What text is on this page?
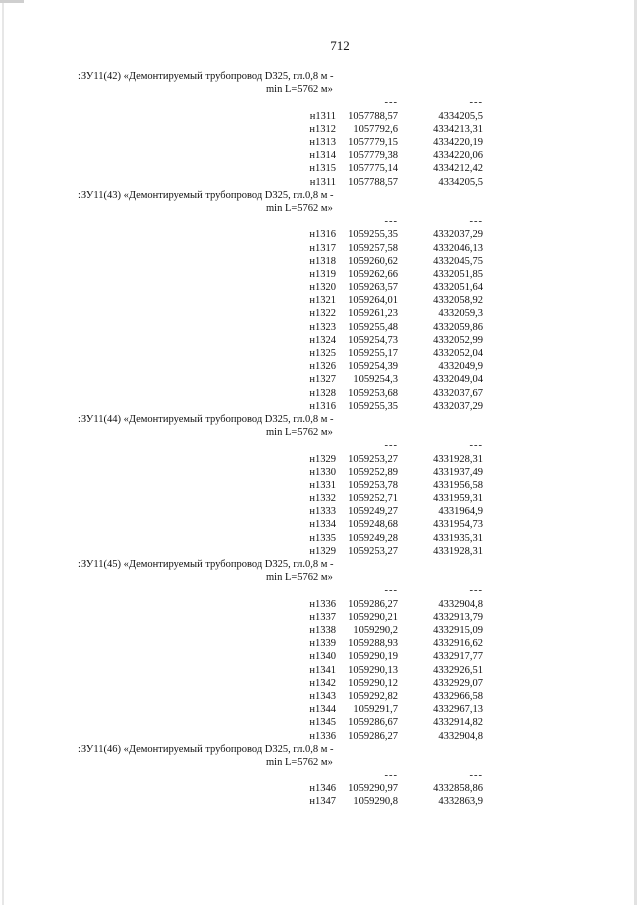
712
:ЗУ11(42) «Демонтируемый трубопровод D325, гл.0,8 м -
min L=5762 м»
---	---
н1311	1057788,57	4334205,5
н1312	1057792,6	4334213,31
н1313	1057779,15	4334220,19
н1314	1057779,38	4334220,06
н1315	1057775,14	4334212,42
н1311	1057788,57	4334205,5
:ЗУ11(43) «Демонтируемый трубопровод D325, гл.0,8 м -
min L=5762 м»
---	---
н1316	1059255,35	4332037,29
н1317	1059257,58	4332046,13
н1318	1059260,62	4332045,75
н1319	1059262,66	4332051,85
н1320	1059263,57	4332051,64
н1321	1059264,01	4332058,92
н1322	1059261,23	4332059,3
н1323	1059255,48	4332059,86
н1324	1059254,73	4332052,99
н1325	1059255,17	4332052,04
н1326	1059254,39	4332049,9
н1327	1059254,3	4332049,04
н1328	1059253,68	4332037,67
н1316	1059255,35	4332037,29
:ЗУ11(44) «Демонтируемый трубопровод D325, гл.0,8 м -
min L=5762 м»
---	---
н1329	1059253,27	4331928,31
н1330	1059252,89	4331937,49
н1331	1059253,78	4331956,58
н1332	1059252,71	4331959,31
н1333	1059249,27	4331964,9
н1334	1059248,68	4331954,73
н1335	1059249,28	4331935,31
н1329	1059253,27	4331928,31
:ЗУ11(45) «Демонтируемый трубопровод D325, гл.0,8 м -
min L=5762 м»
---	---
н1336	1059286,27	4332904,8
н1337	1059290,21	4332913,79
н1338	1059290,2	4332915,09
н1339	1059288,93	4332916,62
н1340	1059290,19	4332917,77
н1341	1059290,13	4332926,51
н1342	1059290,12	4332929,07
н1343	1059292,82	4332966,58
н1344	1059291,7	4332967,13
н1345	1059286,67	4332914,82
н1336	1059286,27	4332904,8
:ЗУ11(46) «Демонтируемый трубопровод D325, гл.0,8 м -
min L=5762 м»
---	---
н1346	1059290,97	4332858,86
н1347	1059290,8	4332863,9
